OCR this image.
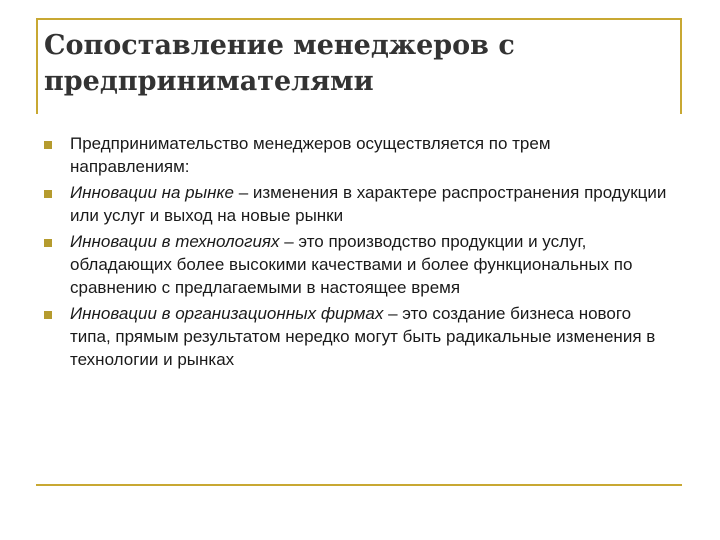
Сопоставление менеджеров с предпринимателями
Предпринимательство менеджеров осуществляется по трем направлениям:
Инновации на рынке – изменения в характере распространения продукции или услуг и выход на новые рынки
Инновации в технологиях – это производство продукции и услуг, обладающих более высокими качествами и более функциональных по сравнению с предлагаемыми в настоящее время
Инновации в организационных фирмах – это создание бизнеса нового типа, прямым результатом нередко могут быть радикальные изменения в технологии и рынках
